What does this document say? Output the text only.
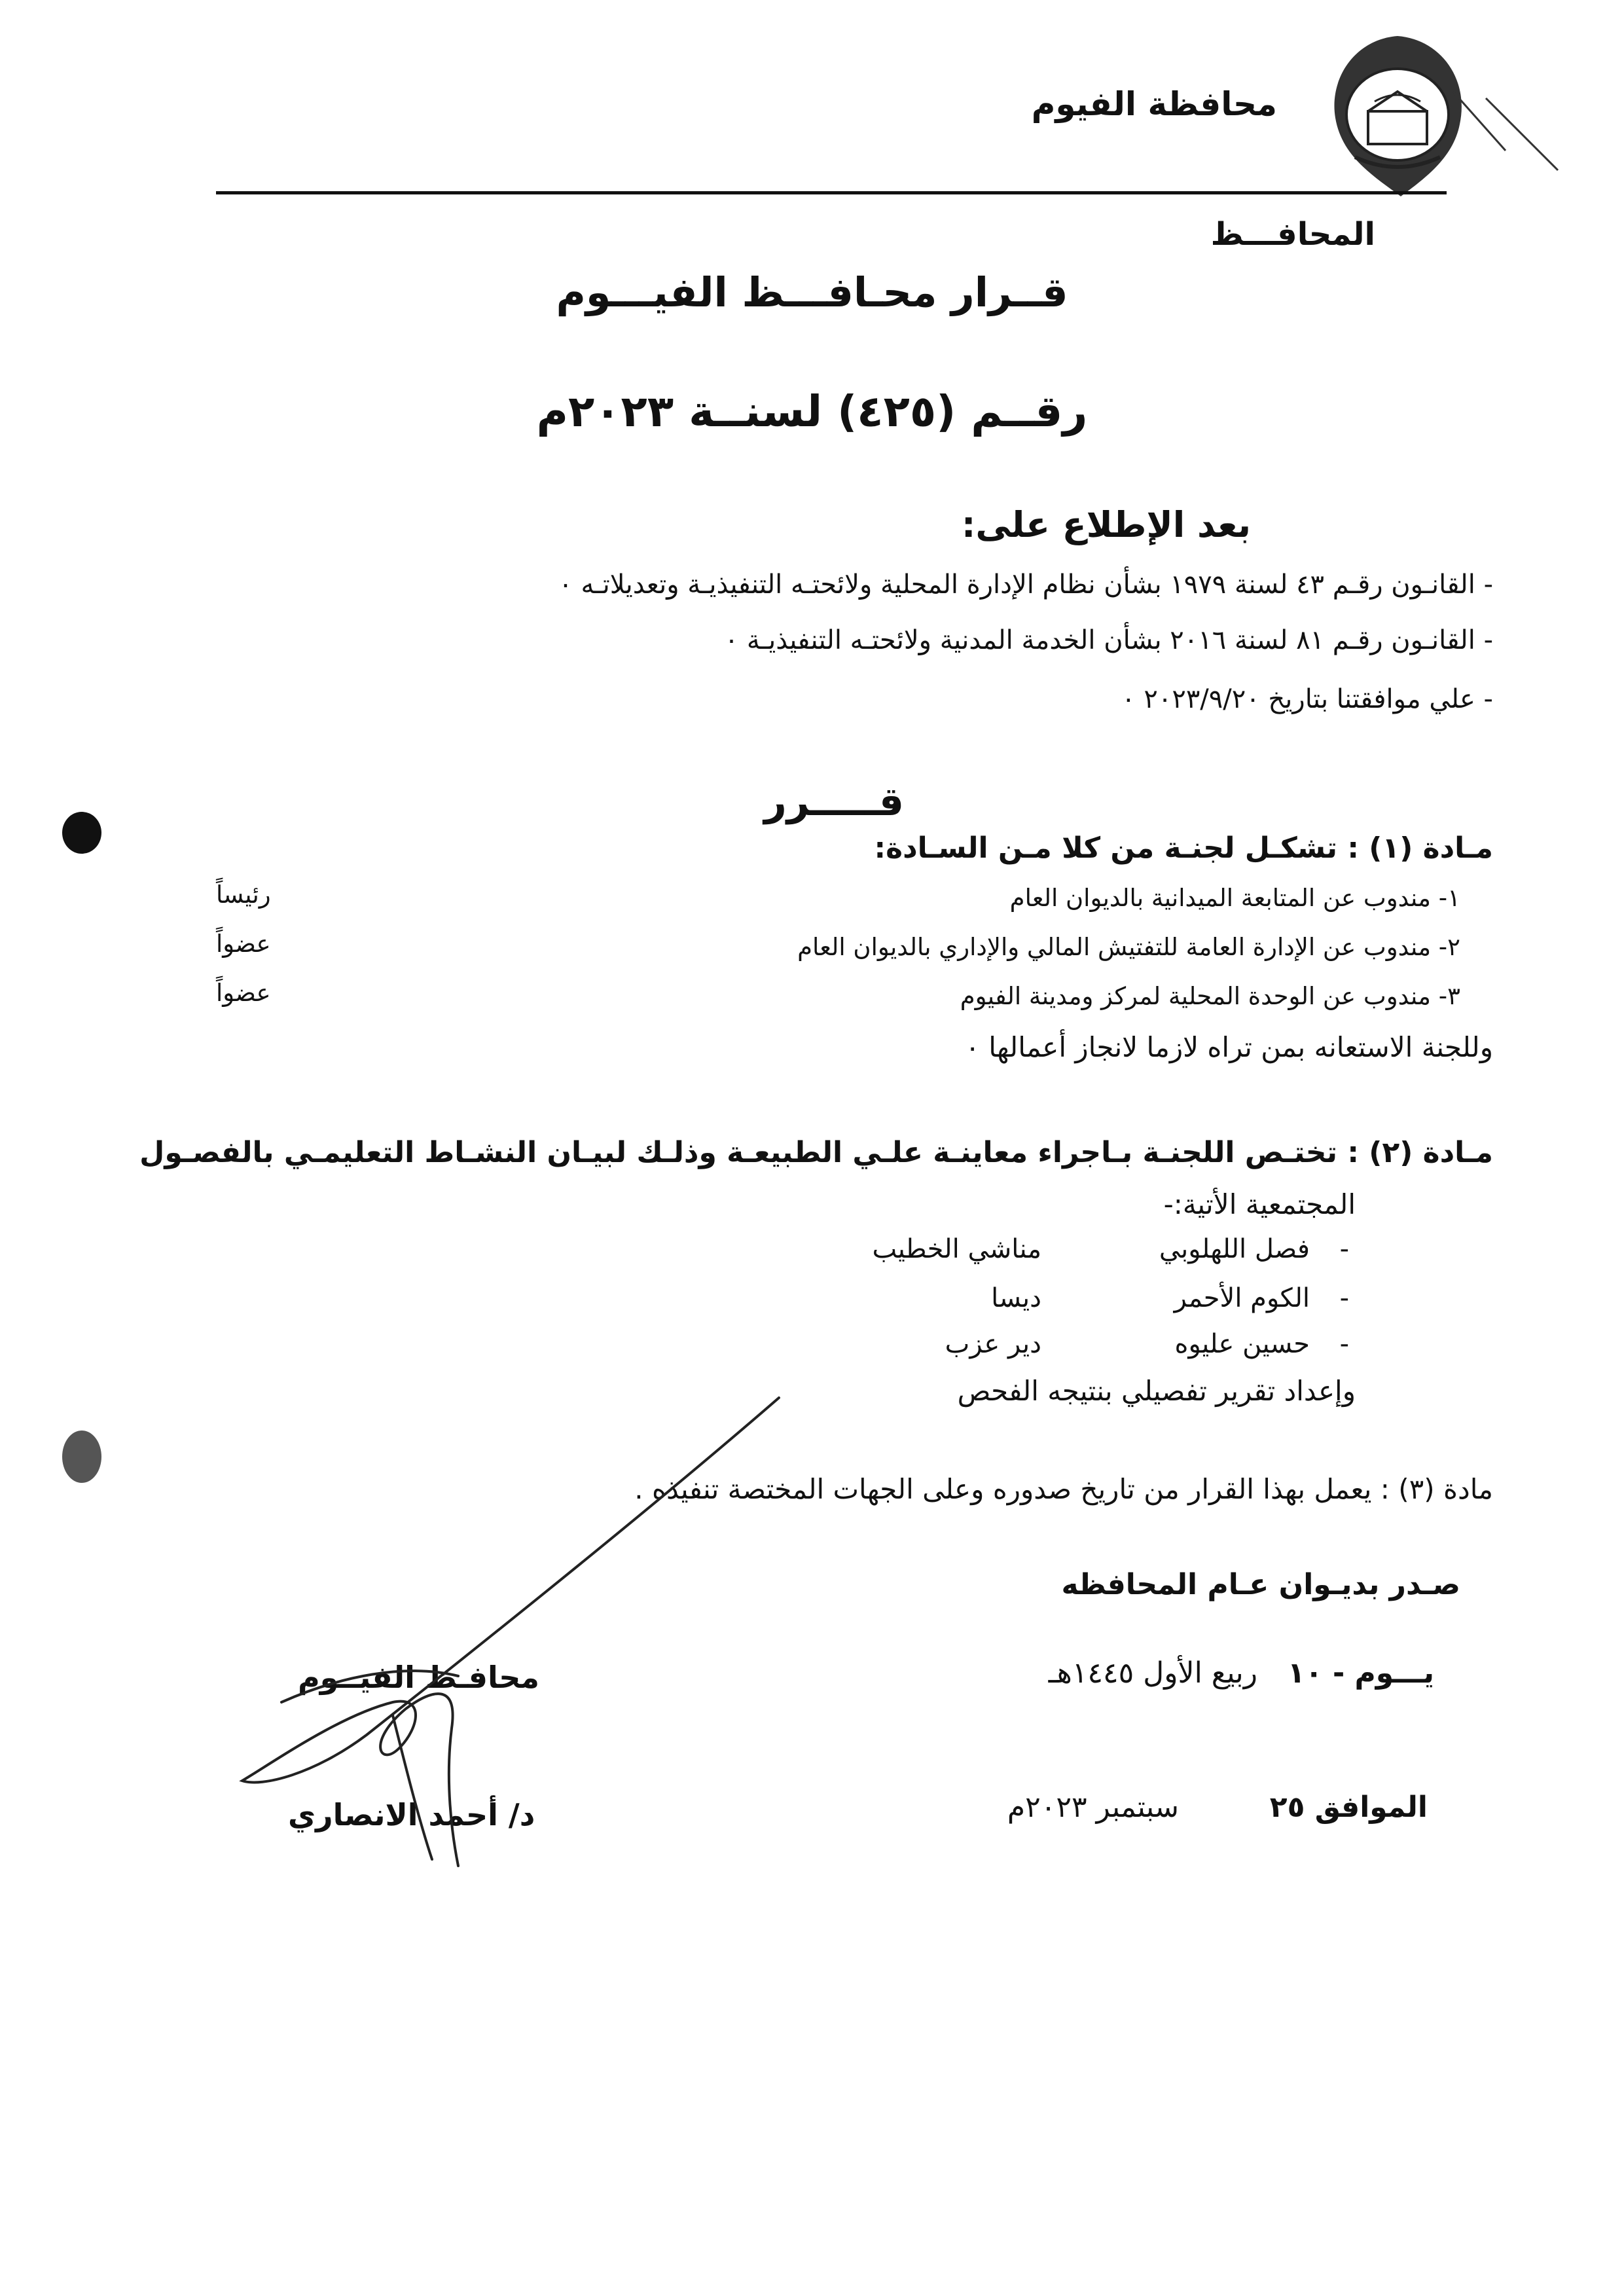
محافظة الفيوم
المحافـــظ
قــرار محـافـــظ الفيـــوم
رقــم (٤٢٥) لسنــة ٢٠٢٣م
بعد الإطلاع على:
- القانـون رقـم ٤٣ لسنة ١٩٧٩ بشأن نظام الإدارة المحلية ولائحتـه التنفيذيـة وتعديلاتـه ٠
- القانـون رقـم ٨١ لسنة ٢٠١٦ بشأن الخدمة المدنية ولائحتـه التنفيذيـة ٠
- علي موافقتنا بتاريخ ٢٠٢٣/٩/٢٠ ٠
قـــــرر
مـادة (١) : تشكـل لجنـة من كلا مـن السـادة:
١- مندوب عن المتابعة الميدانية بالديوان العام
رئيساً
٢- مندوب عن الإدارة العامة للتفتيش المالي والإداري بالديوان العام
عضواً
٣- مندوب عن الوحدة المحلية لمركز ومدينة الفيوم
عضواً
وللجنة الاستعانه بمن تراه لازما لانجاز أعمالها ٠
مـادة (٢) : تختـص اللجنـة بـاجراء معاينـة علـي الطبيعـة وذلـك لبيـان النشـاط التعليمـي بالفصـول
المجتمعية الأتية:-
-
فصل اللهلوبي
مناشي الخطيب
-
الكوم الأحمر
ديسا
-
حسين عليوه
دير عزب
وإعداد تقرير تفصيلي بنتيجه الفحص
مادة (٣) : يعمل بهذا القرار من تاريخ صدوره وعلى الجهات المختصة تنفيذه .
صـدر بديـوان عـام المحافظه
يـــوم - ١٠
ربيع الأول ١٤٤٥هـ
الموافق ٢٥
سبتمبر ٢٠٢٣م
محافـظ الفيــوم
د/ أحمد الانصاري
